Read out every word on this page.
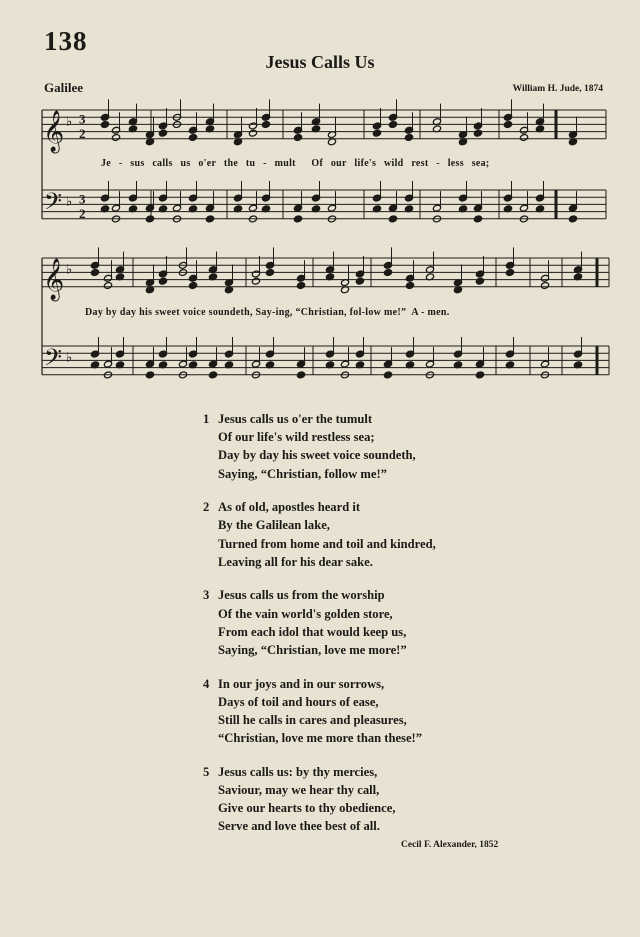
138
Jesus Calls Us
Galilee	William H. Jude, 1874
𝄞 ♭ 3
2
𝄢 ♭ 3
2
𝄞 ♭
𝄢 ♭
Je - sus calls us o'er the tu - mult  Of our life's wild rest - less sea;
Day by day his sweet voice soundeth, Say-ing, “Christian, fol-low me!”  A - men.
1 Jesus calls us o'er the tumult
Of our life's wild restless sea;
Day by day his sweet voice soundeth,
Saying, “Christian, follow me!”
2 As of old, apostles heard it
By the Galilean lake,
Turned from home and toil and kindred,
Leaving all for his dear sake.
3 Jesus calls us from the worship
Of the vain world's golden store,
From each idol that would keep us,
Saying, “Christian, love me more!”
4 In our joys and in our sorrows,
Days of toil and hours of ease,
Still he calls in cares and pleasures,
“Christian, love me more than these!”
5 Jesus calls us: by thy mercies,
Saviour, may we hear thy call,
Give our hearts to thy obedience,
Serve and love thee best of all.
Cecil F. Alexander, 1852
